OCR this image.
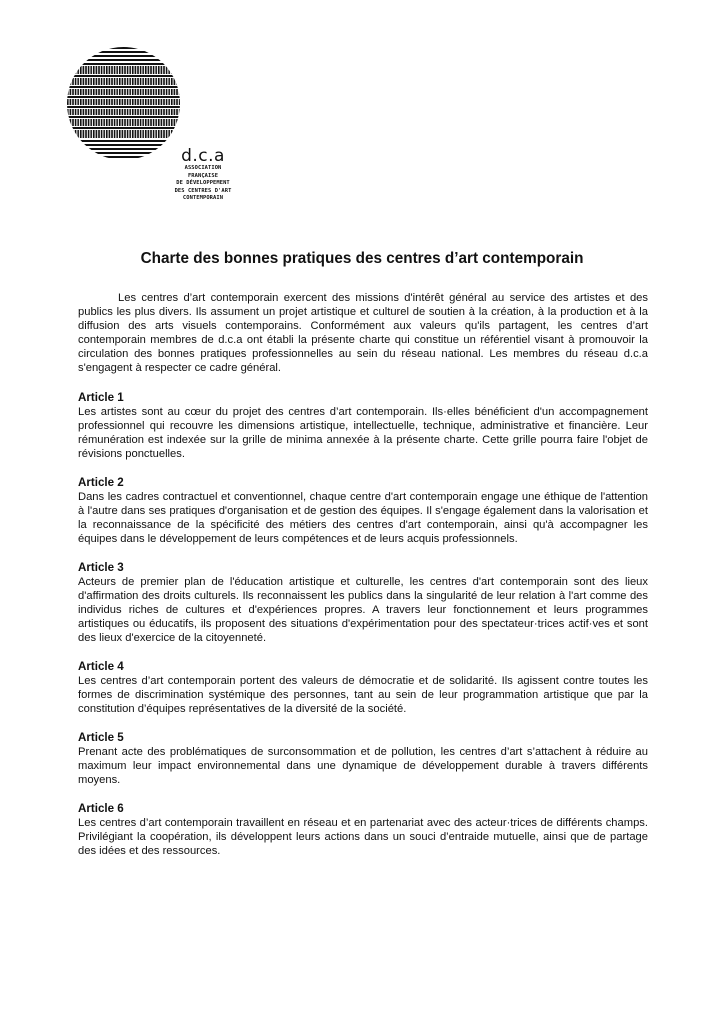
d.c.a
ASSOCIATION
FRANÇAISE
DE DÉVELOPPEMENT
DES CENTRES D'ART
CONTEMPORAIN
Charte des bonnes pratiques des centres d’art contemporain

Les centres d’art contemporain exercent des missions d'intérêt général au service des artistes et des publics les plus divers. Ils assument un projet artistique et culturel de soutien à la création, à la production et à la diffusion des arts visuels contemporains. Conformément aux valeurs qu'ils partagent, les centres d’art contemporain membres de d.c.a ont établi la présente charte qui constitue un référentiel visant à promouvoir la circulation des bonnes pratiques professionnelles au sein du réseau national. Les membres du réseau d.c.a s'engagent à respecter ce cadre général.

Article 1

Les artistes sont au cœur du projet des centres d’art contemporain. Ils·elles bénéficient d'un accompagnement professionnel qui recouvre les dimensions artistique, intellectuelle, technique, administrative et financière. Leur rémunération est indexée sur la grille de minima annexée à la présente charte. Cette grille pourra faire l'objet de révisions ponctuelles.

Article 2

Dans les cadres contractuel et conventionnel, chaque centre d'art contemporain engage une éthique de l'attention à l'autre dans ses pratiques d'organisation et de gestion des équipes. Il s'engage également dans la valorisation et la reconnaissance de la spécificité des métiers des centres d'art contemporain, ainsi qu'à accompagner les équipes dans le développement de leurs compétences et de leurs acquis professionnels.

Article 3

Acteurs de premier plan de l'éducation artistique et culturelle, les centres d'art contemporain sont des lieux d'affirmation des droits culturels. Ils reconnaissent les publics dans la singularité de leur relation à l'art comme des individus riches de cultures et d'expériences propres. A travers leur fonctionnement et leurs programmes artistiques ou éducatifs, ils proposent des situations d'expérimentation pour des spectateur·trices actif·ves et sont des lieux d'exercice de la citoyenneté.

Article 4

Les centres d’art contemporain portent des valeurs de démocratie et de solidarité. Ils agissent contre toutes les formes de discrimination systémique des personnes, tant au sein de leur programmation artistique que par la constitution d’équipes représentatives de la diversité de la société.

Article 5

Prenant acte des problématiques de surconsommation et de pollution, les centres d’art s’attachent à réduire au maximum leur impact environnemental dans une dynamique de développement durable à travers différents moyens.

Article 6

Les centres d’art contemporain travaillent en réseau et en partenariat avec des acteur·trices de différents champs. Privilégiant la coopération, ils développent leurs actions dans un souci d’entraide mutuelle, ainsi que de partage des idées et des ressources.
